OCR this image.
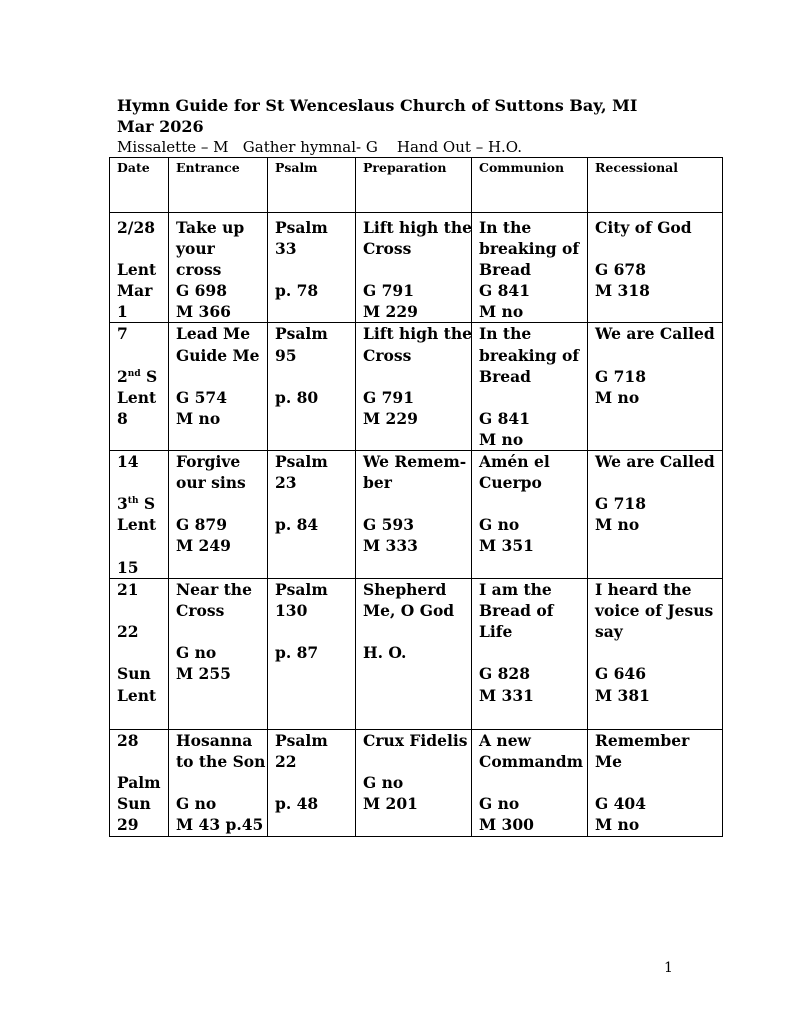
Hymn Guide for St Wenceslaus Church of Suttons Bay, MI
Mar 2026
Missalette – M   Gather hymnal- G    Hand Out – H.O.
Date	Entrance	Psalm	Preparation	Communion	Recessional

2/28
Lent
Mar
1	Take up
your
cross
G 698
M 366	Psalm
33
p. 78	Lift high the
Cross
G 791
M 229	In the
breaking of
Bread
G 841
M no	City of God
G 678
M 318

7
2nd S
Lent
8	Lead Me
Guide Me
G 574
M no	Psalm
95
p. 80	Lift high the
Cross
G 791
M 229	In the
breaking of
Bread
G 841
M no	We are Called
G 718
M no

14
3th S
Lent
15	Forgive
our sins
G 879
M 249	Psalm
23
p. 84	We Remem-
ber
G 593
M 333	Amén el
Cuerpo
G no
M 351	We are Called
G 718
M no

21
22
Sun
Lent	Near the
Cross
G no
M 255	Psalm
130
p. 87	Shepherd
Me, O God
H. O.	I am the
Bread of
Life
G 828
M 331	I heard the
voice of Jesus
say
G 646
M 381

28
Palm
Sun
29	Hosanna
to the Son
G no
M 43 p.45	Psalm
22
p. 48	Crux Fidelis
G no
M 201	A new
Commandm
G no
M 300	Remember
Me
G 404
M no
1
